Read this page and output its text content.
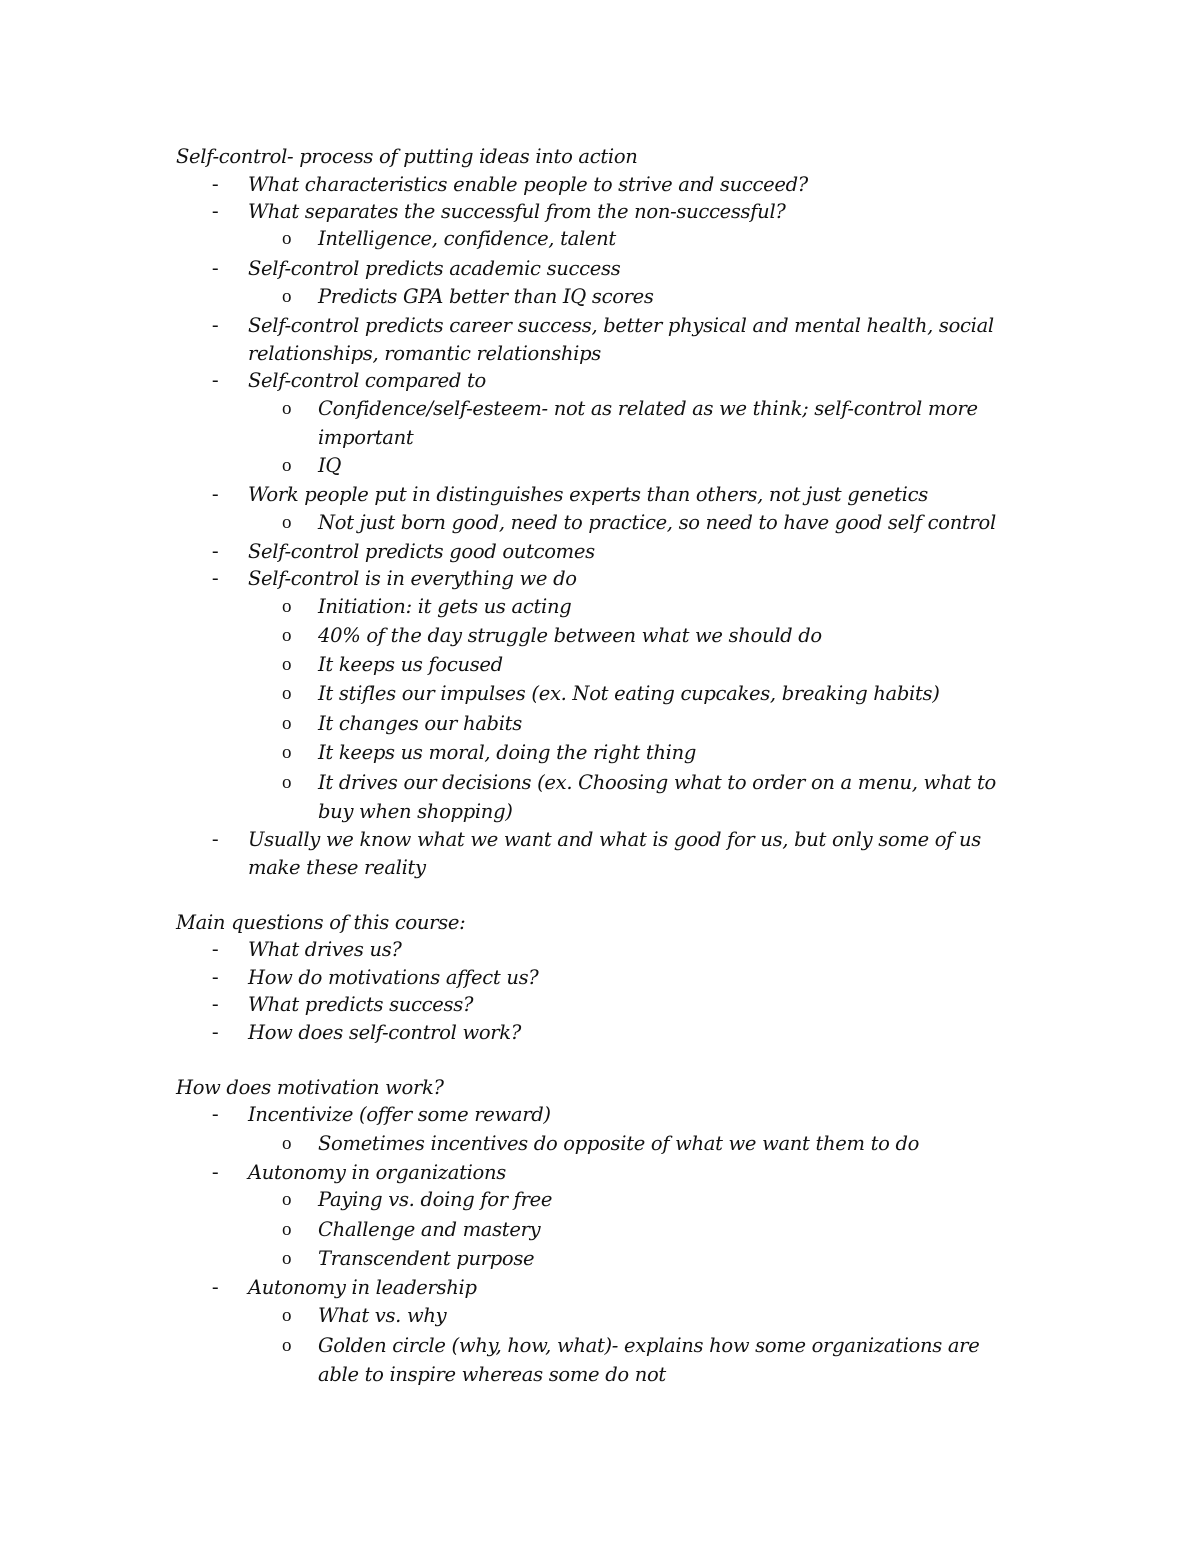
Self-control- process of putting ideas into action
- What characteristics enable people to strive and succeed?
- What separates the successful from the non-successful?
o Intelligence, confidence, talent
- Self-control predicts academic success
o Predicts GPA better than IQ scores
- Self-control predicts career success, better physical and mental health, social
relationships, romantic relationships
- Self-control compared to
o Confidence/self-esteem- not as related as we think; self-control more
important
o IQ
- Work people put in distinguishes experts than others, not just genetics
o Not just born good, need to practice, so need to have good self control
- Self-control predicts good outcomes
- Self-control is in everything we do
o Initiation: it gets us acting
o 40% of the day struggle between what we should do
o It keeps us focused
o It stifles our impulses (ex. Not eating cupcakes, breaking habits)
o It changes our habits
o It keeps us moral, doing the right thing
o It drives our decisions (ex. Choosing what to order on a menu, what to
buy when shopping)
- Usually we know what we want and what is good for us, but only some of us
make these reality
Main questions of this course:
- What drives us?
- How do motivations affect us?
- What predicts success?
- How does self-control work?
How does motivation work?
- Incentivize (offer some reward)
o Sometimes incentives do opposite of what we want them to do
- Autonomy in organizations
o Paying vs. doing for free
o Challenge and mastery
o Transcendent purpose
- Autonomy in leadership
o What vs. why
o Golden circle (why, how, what)- explains how some organizations are
able to inspire whereas some do not
